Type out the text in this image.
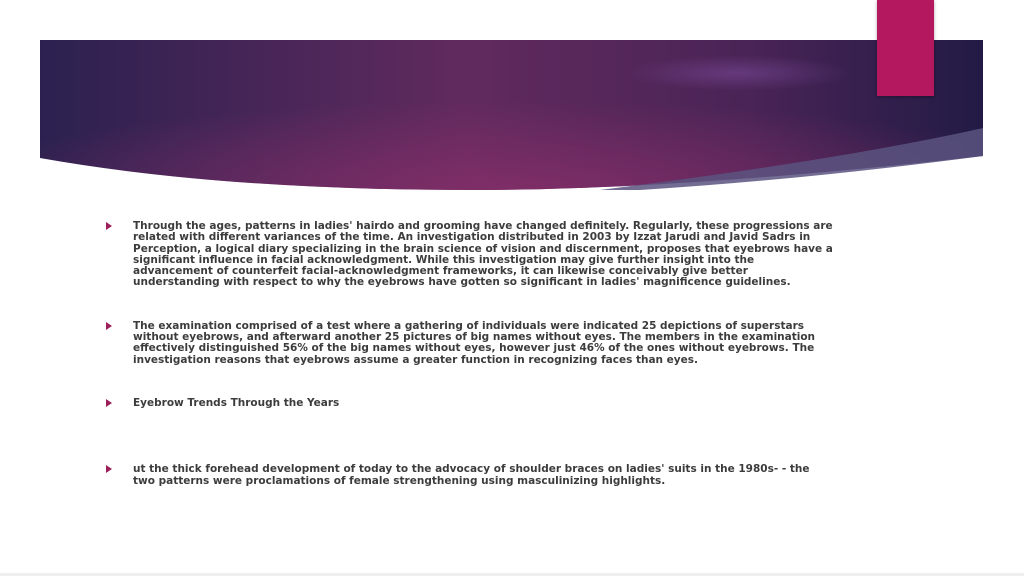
Through the ages, patterns in ladies' hairdo and grooming have changed definitely. Regularly, these progressions are related with different variances of the time. An investigation distributed in 2003 by Izzat Jarudi and Javid Sadrs in Perception, a logical diary specializing in the brain science of vision and discernment, proposes that eyebrows have a significant influence in facial acknowledgment. While this investigation may give further insight into the advancement of counterfeit facial-acknowledgment frameworks, it can likewise conceivably give better understanding with respect to why the eyebrows have gotten so significant in ladies' magnificence guidelines.
The examination comprised of a test where a gathering of individuals were indicated 25 depictions of superstars without eyebrows, and afterward another 25 pictures of big names without eyes. The members in the examination effectively distinguished 56% of the big names without eyes, however just 46% of the ones without eyebrows. The investigation reasons that eyebrows assume a greater function in recognizing faces than eyes.
Eyebrow Trends Through the Years
ut the thick forehead development of today to the advocacy of shoulder braces on ladies' suits in the 1980s- - the two patterns were proclamations of female strengthening using masculinizing highlights.
